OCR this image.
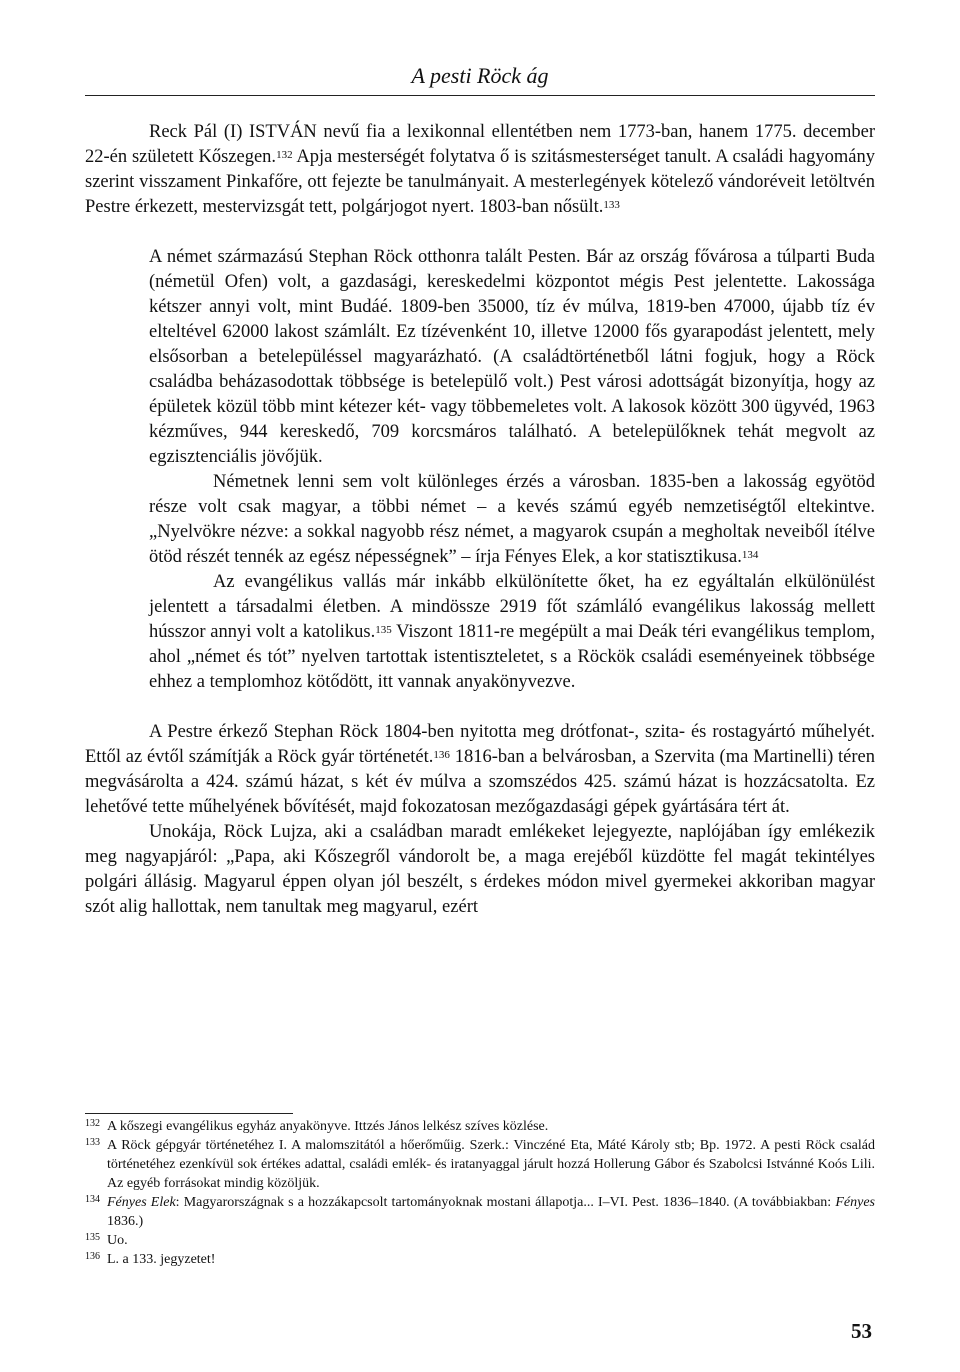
A pesti Röck ág

Reck Pál (I) ISTVÁN nevű fia a lexikonnal ellentétben nem 1773-ban, hanem 1775. december 22-én született Kőszegen.$^{132}$ Apja mesterségét folytatva ő is szitásmesterséget tanult. A családi hagyomány szerint visszament Pinkafőre, ott fejezte be tanulmányait. A mesterlegények kötelező vándoréveit letöltvén Pestre érkezett, mestervizsgát tett, polgárjogot nyert. 1803-ban nősült.$^{133}$

A német származású Stephan Röck otthonra talált Pesten. Bár az ország fővárosa a túlparti Buda (németül Ofen) volt, a gazdasági, kereskedelmi központot mégis Pest jelentette. Lakossága kétszer annyi volt, mint Budáé. 1809-ben 35000, tíz év múlva, 1819-ben 47000, újabb tíz év elteltével 62000 lakost számlált. Ez tízévenként 10, illetve 12000 fős gyarapodást jelentett, mely elsősorban a betelepüléssel magyarázható. (A családtörténetből látni fogjuk, hogy a Röck családba beházasodottak többsége is betelepülő volt.) Pest városi adottságát bizonyítja, hogy az épületek közül több mint kétezer két- vagy többemeletes volt. A lakosok között 300 ügyvéd, 1963 kézműves, 944 kereskedő, 709 korcsmáros található. A betelepülőknek tehát megvolt az egzisztenciális jövőjük.

Németnek lenni sem volt különleges érzés a városban. 1835-ben a lakosság egyötöd része volt csak magyar, a többi német – a kevés számú egyéb nemzetiségtől eltekintve. „Nyelvökre nézve: a sokkal nagyobb rész német, a magyarok csupán a megholtak neveiből ítélve ötöd részét tennék az egész népességnek” – írja Fényes Elek, a kor statisztikusa.$^{134}$

Az evangélikus vallás már inkább elkülönítette őket, ha ez egyáltalán elkülönülést jelentett a társadalmi életben. A mindössze 2919 főt számláló evangélikus lakosság mellett hússzor annyi volt a katolikus.$^{135}$ Viszont 1811-re megépült a mai Deák téri evangélikus templom, ahol „német és tót” nyelven tartottak istentiszteletet, s a Röckök családi eseményeinek többsége ehhez a templomhoz kötődött, itt vannak anyakönyvezve.

A Pestre érkező Stephan Röck 1804-ben nyitotta meg drótfonat-, szita- és rostagyártó műhelyét. Ettől az évtől számítják a Röck gyár történetét.$^{136}$ 1816-ban a belvárosban, a Szervita (ma Martinelli) téren megvásárolta a 424. számú házat, s két év múlva a szomszédos 425. számú házat is hozzácsatolta. Ez lehetővé tette műhelyének bővítését, majd fokozatosan mezőgazdasági gépek gyártására tért át.

Unokája, Röck Lujza, aki a családban maradt emlékeket lejegyezte, naplójában így emlékezik meg nagyapjáról: „Papa, aki Kőszegről vándorolt be, a maga erejéből küzdötte fel magát tekintélyes polgári állásig. Magyarul éppen olyan jól beszélt, s érdekes módon mivel gyermekei akkoriban magyar szót alig hallottak, nem tanultak meg magyarul, ezért

132 A kőszegi evangélikus egyház anyakönyve. Ittzés János lelkész szíves közlése.

133 A Röck gépgyár történetéhez I. A malomszitától a hőerőműig. Szerk.: Vinczéné Eta, Máté Károly stb; Bp. 1972. A pesti Röck család történetéhez ezenkívül sok értékes adattal, családi emlék- és iratanyaggal járult hozzá Hollerung Gábor és Szabolcsi Istvánné Koós Lili. Az egyéb forrásokat mindig közöljük.

134 Fényes Elek: Magyarországnak s a hozzákapcsolt tartományoknak mostani állapotja... I–VI. Pest. 1836–1840. (A továbbiakban: Fényes 1836.)

135 Uo.

136 L. a 133. jegyzetet!

53
